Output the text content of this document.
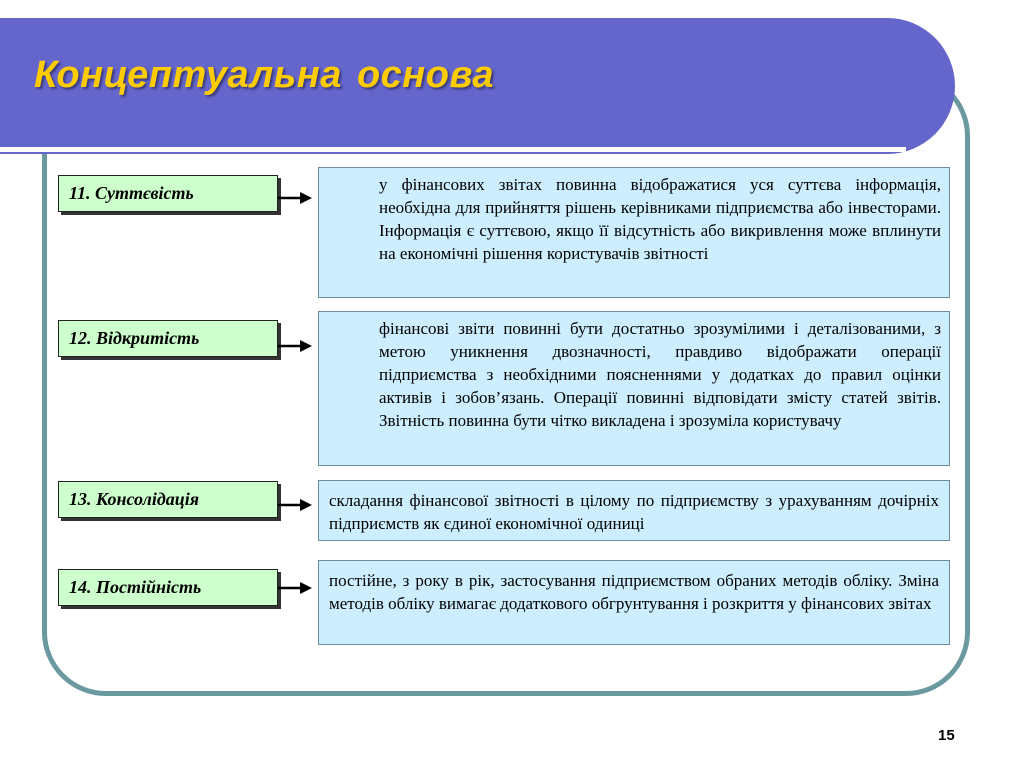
Концептуальна основа
11. Суттєвість	у фінансових звітах повинна відображатися уся суттєва інформація, необхідна для прийняття рішень керівниками підприємства або інвесторами. Інформація є суттєвою, якщо її відсутність або викривлення може вплинути на економічні рішення користувачів звітності
12. Відкритість	фінансові звіти повинні бути достатньо зрозумілими і деталізованими, з метою уникнення двозначності, правдиво відображати операції підприємства з необхідними поясненнями у додатках до правил оцінки активів і зобов’язань. Операції повинні відповідати змісту статей звітів. Звітність повинна бути чітко викладена і зрозуміла користувачу
13. Консолідація	складання фінансової звітності в цілому по підприємству з урахуванням дочірніх підприємств як єдиної економічної одиниці
14. Постійність	постійне, з року в рік, застосування підприємством обраних методів обліку. Зміна методів обліку вимагає додаткового обгрунтування і розкриття у фінансових звітах

15
